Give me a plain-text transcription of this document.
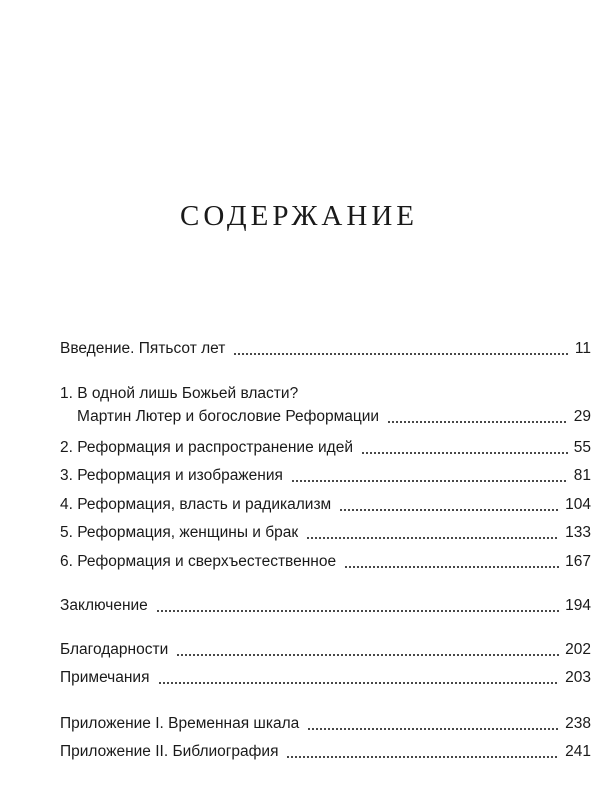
СОДЕРЖАНИЕ
Введение. Пятьсот лет	11
1. В одной лишь Божьей власти?
Мартин Лютер и богословие Реформации	29
2. Реформация и распространение идей	55
3. Реформация и изображения	81
4. Реформация, власть и радикализм	104
5. Реформация, женщины и брак	133
6. Реформация и сверхъестественное	167
Заключение	194
Благодарности	202
Примечания	203
Приложение I. Временная шкала	238
Приложение II. Библиография	241
